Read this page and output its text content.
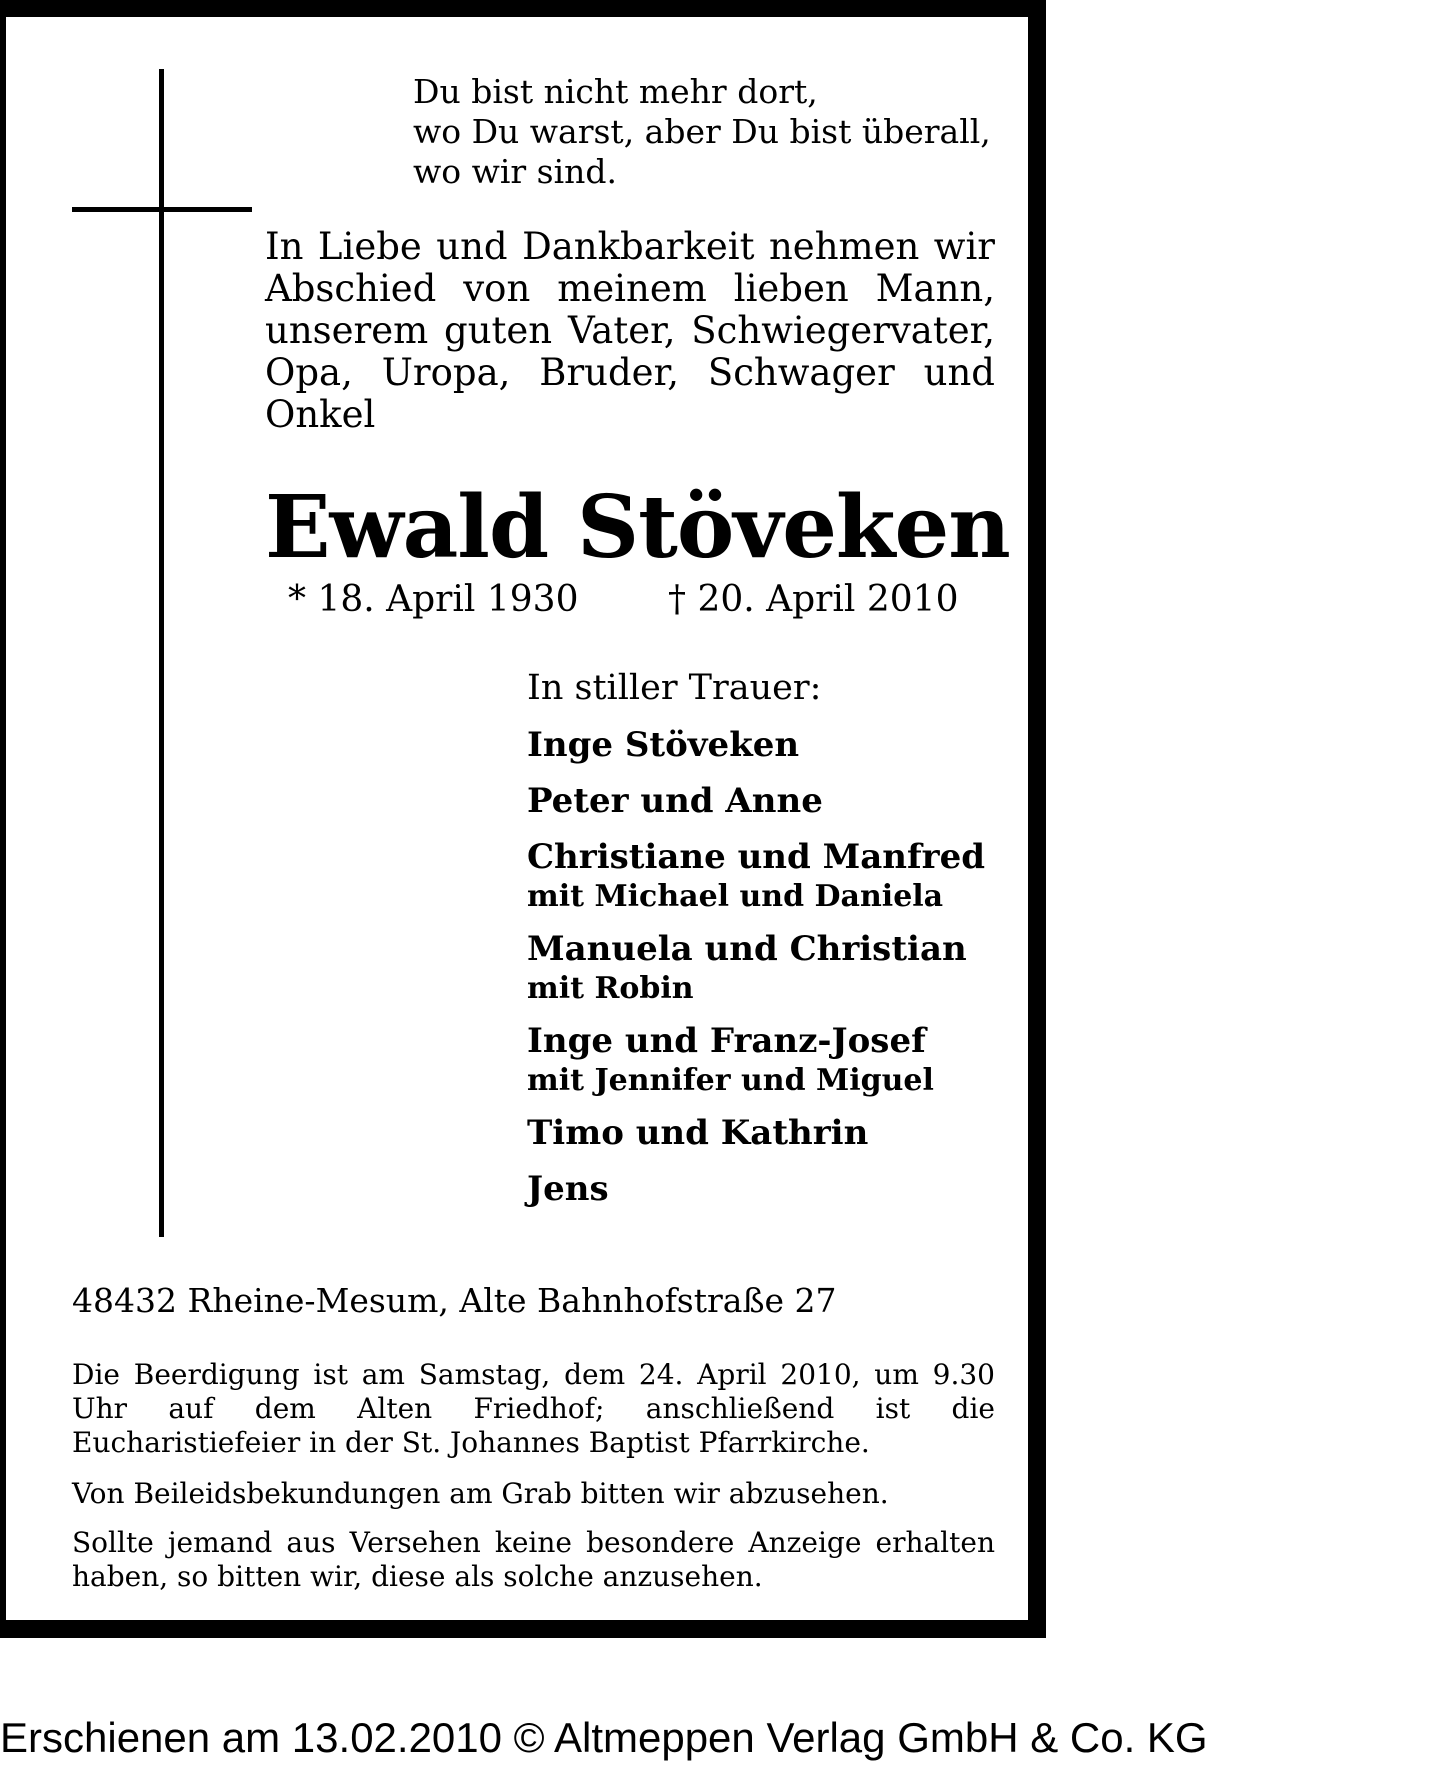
Du bist nicht mehr dort,
wo Du warst, aber Du bist überall,
wo wir sind.
In Liebe und Dankbarkeit nehmen wir Abschied von meinem lieben Mann, unserem guten Vater, Schwiegervater, Opa, Uropa, Bruder, Schwager und Onkel
Ewald Stöveken
* 18. April 1930 † 20. April 2010
In stiller Trauer:
Inge Stöveken
Peter und Anne
Christiane und Manfred
mit Michael und Daniela
Manuela und Christian
mit Robin
Inge und Franz-Josef
mit Jennifer und Miguel
Timo und Kathrin
Jens
48432 Rheine-Mesum, Alte Bahnhofstraße 27
Die Beerdigung ist am Samstag, dem 24. April 2010, um 9.30 Uhr auf dem Alten Friedhof; anschließend ist die Eucharistiefeier in der St. Johannes Baptist Pfarrkirche.
Von Beileidsbekundungen am Grab bitten wir abzusehen.
Sollte jemand aus Versehen keine besondere Anzeige erhalten haben, so bitten wir, diese als solche anzusehen.
Erschienen am 13.02.2010 © Altmeppen Verlag GmbH & Co. KG
